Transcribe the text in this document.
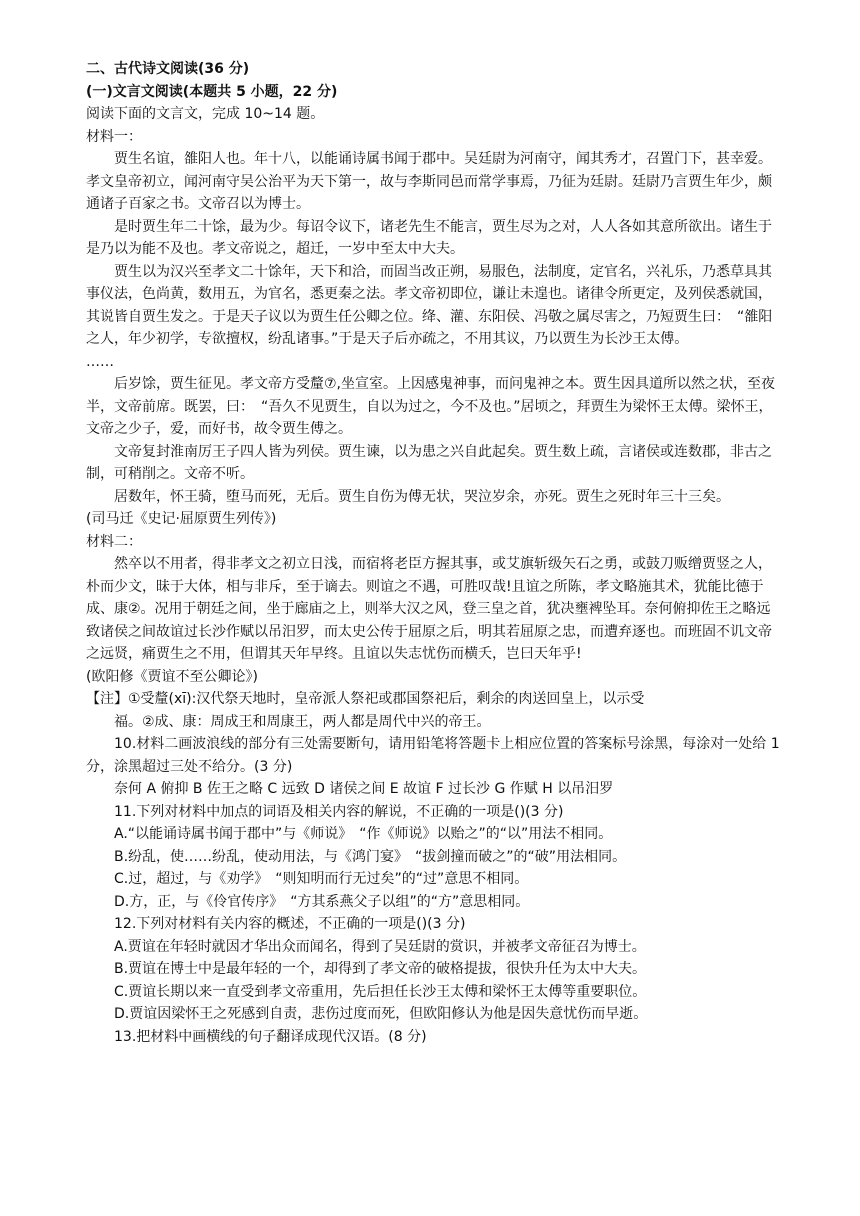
二、古代诗文阅读(36 分)

(一)文言文阅读(本题共 5 小题，22 分)

阅读下面的文言文，完成 10~14 题。

材料一：

贾生名谊，雒阳人也。年十八，以能诵诗属书闻于郡中。吴廷尉为河南守，闻其秀才，召置门下，甚幸爱。孝文皇帝初立，闻河南守吴公治平为天下第一，故与李斯同邑而常学事焉，乃征为廷尉。廷尉乃言贾生年少，颇通诸子百家之书。文帝召以为博士。

是时贾生年二十馀，最为少。每诏令议下，诸老先生不能言，贾生尽为之对，人人各如其意所欲出。诸生于是乃以为能不及也。孝文帝说之，超迁，一岁中至太中大夫。

贾生以为汉兴至孝文二十馀年，天下和洽，而固当改正朔，易服色，法制度，定官名，兴礼乐，乃悉草具其事仪法，色尚黄，数用五，为官名，悉更秦之法。孝文帝初即位，谦让未遑也。诸律令所更定，及列侯悉就国，其说皆自贾生发之。于是天子议以为贾生任公卿之位。绛、灌、东阳侯、冯敬之属尽害之，乃短贾生曰：　“雒阳之人，年少初学，专欲擅权，纷乱诸事。”于是天子后亦疏之，不用其议，乃以贾生为长沙王太傅。

……

后岁馀，贾生征见。孝文帝方受釐⑦,坐宣室。上因感鬼神事，而问鬼神之本。贾生因具道所以然之状，至夜半，文帝前席。既罢，曰：　“吾久不见贾生，自以为过之，今不及也。”居顷之，拜贾生为梁怀王太傅。梁怀王，文帝之少子，爱，而好书，故令贾生傅之。

文帝复封淮南厉王子四人皆为列侯。贾生谏，以为患之兴自此起矣。贾生数上疏，言诸侯或连数郡，非古之制，可稍削之。文帝不听。

居数年，怀王骑，堕马而死，无后。贾生自伤为傅无状，哭泣岁余，亦死。贾生之死时年三十三矣。

(司马迁《史记·屈原贾生列传》)

材料二：

然卒以不用者，得非孝文之初立日浅，而宿将老臣方握其事，或艾旗斩级矢石之勇，或鼓刀贩缯贾竖之人，朴而少文，昧于大体，相与非斥，至于谪去。则谊之不遇，可胜叹哉!且谊之所陈，孝文略施其术，犹能比德于成、康②。况用于朝廷之间，坐于廊庙之上，则举大汉之风，登三皇之首，犹决壅裨坠耳。奈何俯抑佐王之略远致诸侯之间故谊过长沙作赋以吊汨罗，而太史公传于屈原之后，明其若屈原之忠，而遭弃逐也。而班固不讥文帝之远贤，痛贾生之不用，但谓其天年早终。且谊以失志忧伤而横夭，岂曰天年乎!

(欧阳修《贾谊不至公卿论》)

【注】①受釐(xī):汉代祭天地时，皇帝派人祭祀或郡国祭祀后，剩余的肉送回皇上，以示受

福。②成、康：周成王和周康王，两人都是周代中兴的帝王。

10.材料二画波浪线的部分有三处需要断句，请用铅笔将答题卡上相应位置的答案标号涂黑，每涂对一处给 1 分，涂黑超过三处不给分。(3 分)

奈何 A 俯抑 B 佐王之略 C 远致 D 诸侯之间 E 故谊 F 过长沙 G 作赋 H 以吊汨罗

11.下列对材料中加点的词语及相关内容的解说，不正确的一项是()(3 分)

A.“以能诵诗属书闻于郡中”与《师说》　“作《师说》以贻之”的“以”用法不相同。

B.纷乱，使……纷乱，使动用法，与《鸿门宴》　“拔剑撞而破之”的“破”用法相同。

C.过，超过，与《劝学》　“则知明而行无过矣”的“过”意思不相同。

D.方，正，与《伶官传序》　“方其系燕父子以组”的“方”意思相同。

12.下列对材料有关内容的概述，不正确的一项是()(3 分)

A.贾谊在年轻时就因才华出众而闻名，得到了吴廷尉的赏识，并被孝文帝征召为博士。

B.贾谊在博士中是最年轻的一个，却得到了孝文帝的破格提拔，很快升任为太中大夫。

C.贾谊长期以来一直受到孝文帝重用，先后担任长沙王太傅和梁怀王太傅等重要职位。

D.贾谊因梁怀王之死感到自责，悲伤过度而死，但欧阳修认为他是因失意忧伤而早逝。

13.把材料中画横线的句子翻译成现代汉语。(8 分)
